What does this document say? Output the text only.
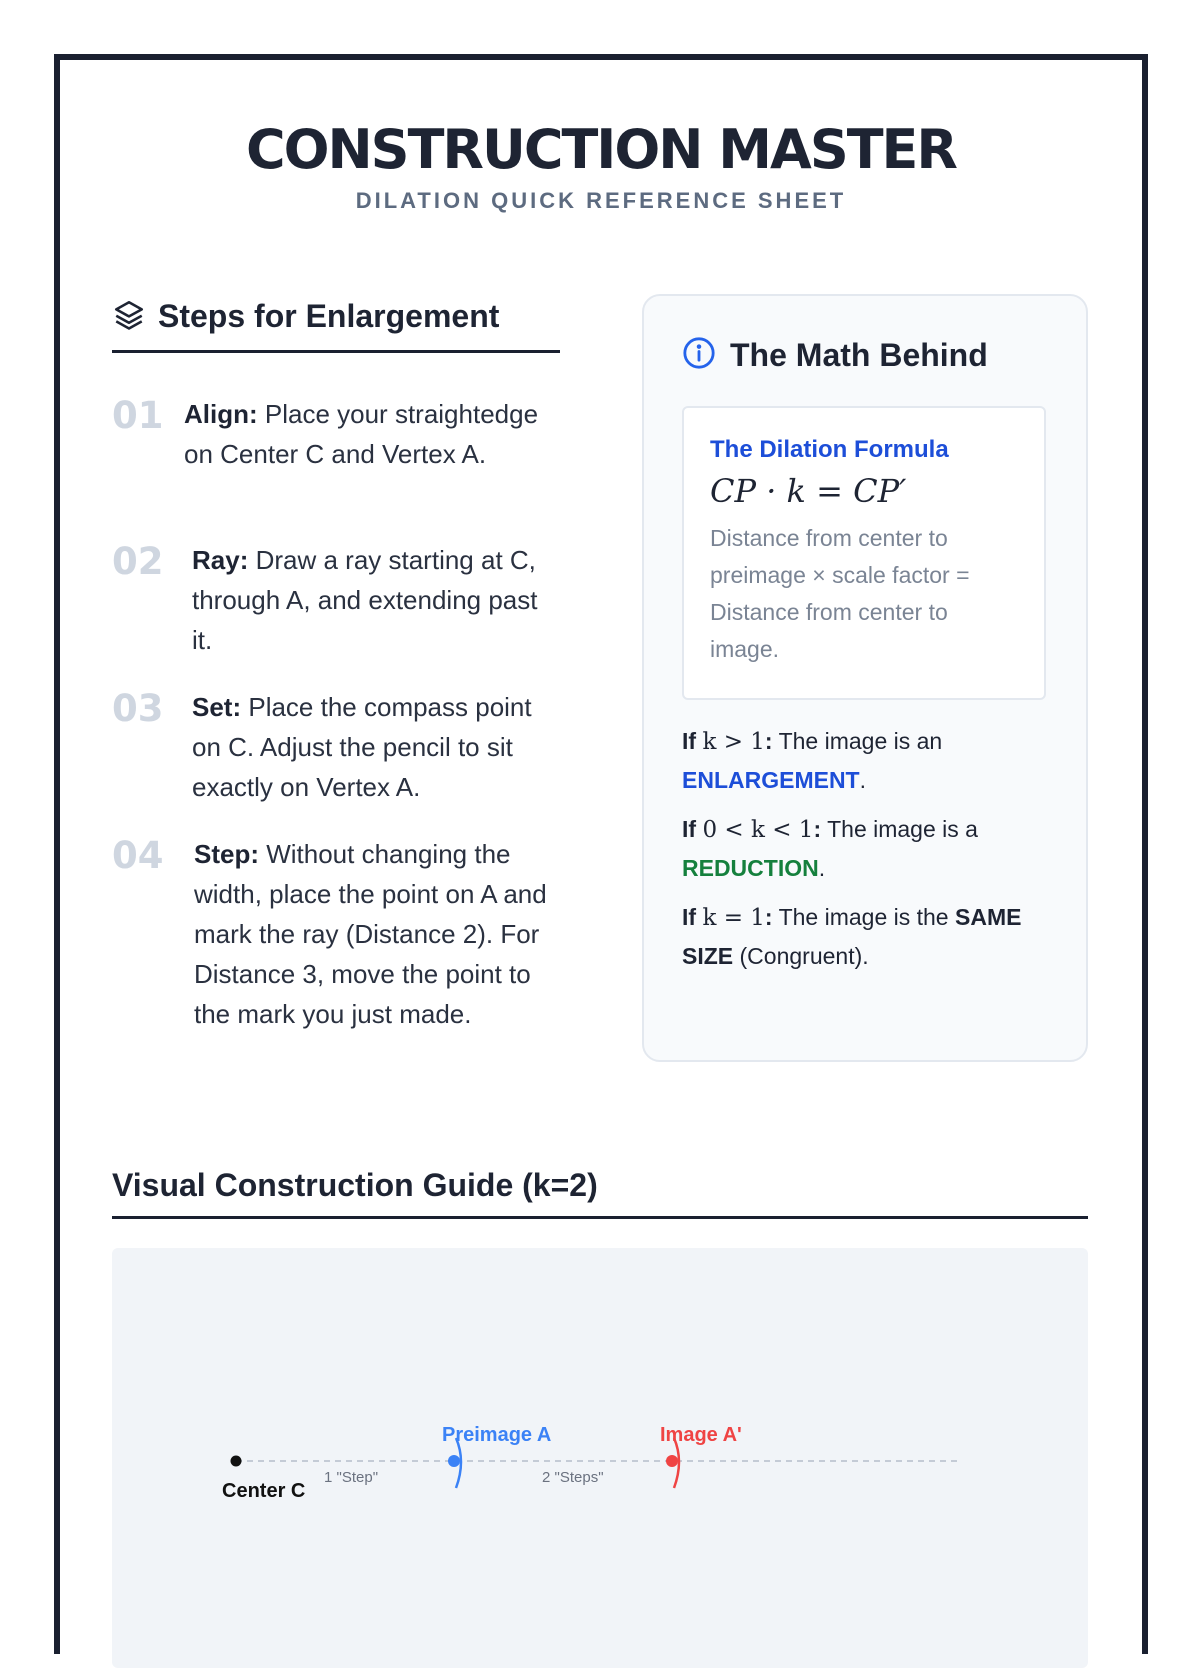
CONSTRUCTION MASTER
DILATION QUICK REFERENCE SHEET
Steps for Enlargement
01 Align: Place your straightedge on Center C and Vertex A.
02	Ray: Draw a ray starting at C, through A, and extending past it.
03	Set: Place the compass point on C. Adjust the pencil to sit exactly on Vertex A.
04	Step: Without changing the width, place the point on A and mark the ray (Distance 2). For Distance 3, move the point to the mark you just made.
The Math Behind
The Dilation Formula
CP · k = CP′
Distance from center to preimage × scale factor = Distance from center to image.
If k > 1: The image is an ENLARGEMENT.
If 0 < k < 1: The image is a REDUCTION.
If k = 1: The image is the SAME SIZE (Congruent).
Visual Construction Guide (k=2)
Center C
1 "Step"
Preimage A
2 "Steps"
Image A'
